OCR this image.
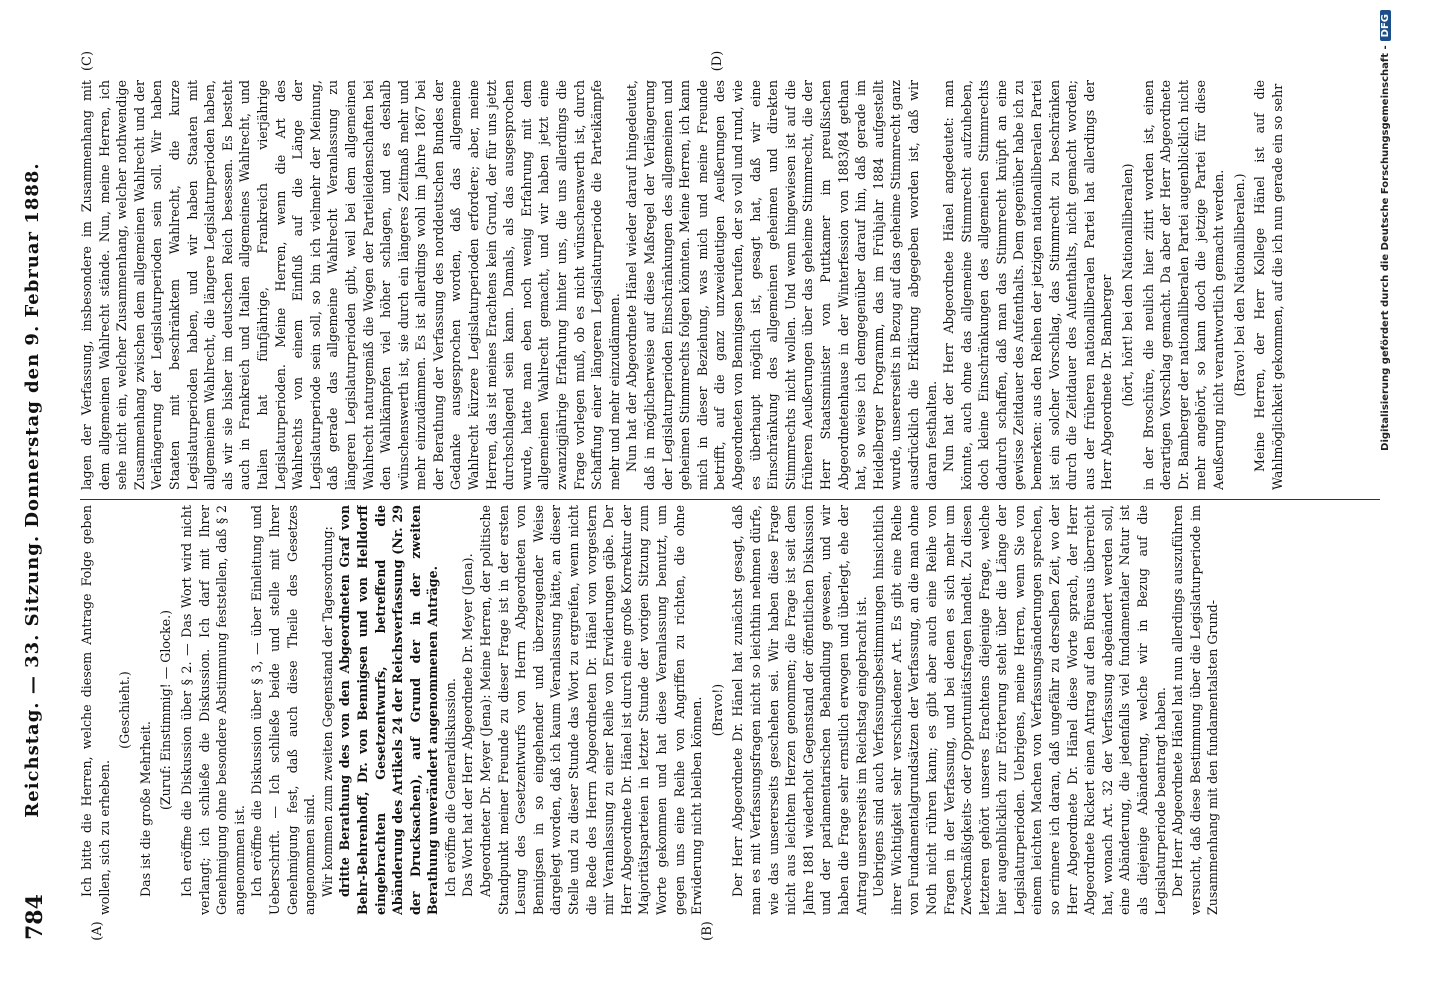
784
Reichstag. — 33. Sitzung. Donnerstag den 9. Februar 1888.
(A)	(B)
(C)	(D)

Ich bitte die Herren, welche diesem Antrage Folge geben wollen, sich zu erheben.

(Geschieht.)

Das ist die große Mehrheit. (Zuruf: Einstimmig! — Glocke.) Ich eröffne die Diskussion über § 2. — Das Wort wird nicht verlangt; ich schließe die Diskussion. Ich darf mit Ihrer Genehmigung ohne besondere Abstimmung feststellen, daß § 2 angenommen ist. Ich eröffne die Diskussion über § 3, — über Einleitung und Ueberschrift. — Ich schließe beide und stelle mit Ihrer Genehmigung fest, daß auch diese Theile des Gesetzes angenommen sind. Wir kommen zum zweiten Gegenstand der Tagesordnung: dritte Berathung des von den Abgeordneten Graf von Behr-Behrenhoff, Dr. von Bennigsen und von Helldorff eingebrachten Gesetzentwurfs, betreffend die Abänderung des Artikels 24 der Reichsverfassung (Nr. 29 der Drucksachen), auf Grund der in der zweiten Berathung unverändert angenommenen Anträge. Ich eröffne die Generaldiskussion. Das Wort hat der Herr Abgeordnete Dr. Meyer (Jena). Abgeordneter Dr. Meyer (Jena): Meine Herren, der politische Standpunkt meiner Freunde zu dieser Frage ist in der ersten Lesung des Gesetzentwurfs von Herrn Abgeordneten von Bennigsen in so eingehender und überzeugender Weise dargelegt worden, daß ich kaum Veranlassung hätte, an dieser Stelle und zu dieser Stunde das Wort zu ergreifen, wenn nicht die Rede des Herrn Abgeordneten Dr. Hänel von vorgestern mir Veranlassung zu einer Reihe von Erwiderungen gäbe. Der Herr Abgeordnete Dr. Hänel ist durch eine große Korrektur der Majoritätsparteien in letzter Stunde der vorigen Sitzung zum Worte gekommen und hat diese Veranlassung benutzt, um gegen uns eine Reihe von Angriffen zu richten, die ohne Erwiderung nicht bleiben können. (Bravo!) Der Herr Abgeordnete Dr. Hänel hat zunächst gesagt, daß man es mit Verfassungsfragen nicht so leichthin nehmen dürfe, wie das unsererseits geschehen sei. Wir haben diese Frage nicht aus leichtem Herzen genommen; die Frage ist seit dem Jahre 1881 wiederholt Gegenstand der öffentlichen Diskussion und der parlamentarischen Behandlung gewesen, und wir haben die Frage sehr ernstlich erwogen und überlegt, ehe der Antrag unsererseits im Reichstag eingebracht ist. Uebrigens sind auch Verfassungsbestimmungen hinsichtlich ihrer Wichtigkeit sehr verschiedener Art. Es gibt eine Reihe von Fundamentalgrundsätzen der Verfassung, an die man ohne Noth nicht rühren kann; es gibt aber auch eine Reihe von Fragen in der Verfassung, und bei denen es sich mehr um Zweckmäßigkeits- oder Opportunitätsfragen handelt. Zu diesen letzteren gehört unseres Erachtens diejenige Frage, welche hier augenblicklich zur Erörterung steht über die Länge der Legislaturperioden. Uebrigens, meine Herren, wenn Sie von einem leichten Machen von Verfassungsänderungen sprechen, so erinnere ich daran, daß ungefähr zu derselben Zeit, wo der Herr Abgeordnete Dr. Hänel diese Worte sprach, der Herr Abgeordnete Rickert einen Antrag auf den Büreaus überreicht hat, wonach Art. 32 der Verfassung abgeändert werden soll, eine Abänderung, die jedenfalls viel fundamentaler Natur ist als diejenige Abänderung, welche wir in Bezug auf die Legislaturperiode beantragt haben. Der Herr Abgeordnete Hänel hat nun allerdings auszuführen versucht, daß diese Bestimmung über die Legislaturperiode im Zusammenhang mit den fundamentalsten Grund-

lagen der Verfassung, insbesondere im Zusammenhang mit dem allgemeinen Wahlrecht stände. Nun, meine Herren, ich sehe nicht ein, welcher Zusammenhang, welcher nothwendige Zusammenhang zwischen dem allgemeinen Wahlrecht und der Verlängerung der Legislaturperioden sein soll. Wir haben Staaten mit beschränktem Wahlrecht, die kurze Legislaturperioden haben, und wir haben Staaten mit allgemeinem Wahlrecht, die längere Legislaturperioden haben, als wir sie bisher im deutschen Reich besessen. Es besteht auch in Frankreich und Italien allgemeines Wahlrecht, und Italien hat fünfjährige, Frankreich vierjährige Legislaturperioden. Meine Herren, wenn die Art des Wahlrechts von einem Einfluß auf die Länge der Legislaturperiode sein soll, so bin ich vielmehr der Meinung, daß gerade das allgemeine Wahlrecht Veranlassung zu längeren Legislaturperioden gibt, weil bei dem allgemeinen Wahlrecht naturgemäß die Wogen der Parteileidenschaften bei den Wahlkämpfen viel höher schlagen, und es deshalb wünschenswerth ist, sie durch ein längeres Zeitmaß mehr und mehr einzudämmen. Es ist allerdings wohl im Jahre 1867 bei der Berathung der Verfassung des norddeutschen Bundes der Gedanke ausgesprochen worden, daß das allgemeine Wahlrecht kürzere Legislaturperioden erfordere; aber, meine Herren, das ist meines Erachtens kein Grund, der für uns jetzt durchschlagend sein kann. Damals, als das ausgesprochen wurde, hatte man eben noch wenig Erfahrung mit dem allgemeinen Wahlrecht gemacht, und wir haben jetzt eine zwanzigjährige Erfahrung hinter uns, die uns allerdings die Frage vorlegen muß, ob es nicht wünschenswerth ist, durch Schaffung einer längeren Legislaturperiode die Parteikämpfe mehr und mehr einzudämmen. Nun hat der Abgeordnete Hänel wieder darauf hingedeutet, daß in möglicherweise auf diese Maßregel der Verlängerung der Legislaturperioden Einschränkungen des allgemeinen und geheimen Stimmrechts folgen könnten. Meine Herren, ich kann mich in dieser Beziehung, was mich und meine Freunde betrifft, auf die ganz unzweideutigen Aeußerungen des Abgeordneten von Bennigsen berufen, der so voll und rund, wie es überhaupt möglich ist, gesagt hat, daß wir eine Einschränkung des allgemeinen geheimen und direkten Stimmrechts nicht wollen. Und wenn hingewiesen ist auf die früheren Aeußerungen über das geheime Stimmrecht, die der Herr Staatsminister von Puttkamer im preußischen Abgeordnetenhause in der Winterfession von 1883/84 gethan hat, so weise ich demgegenüber darauf hin, daß gerade im Heidelberger Programm, das im Frühjahr 1884 aufgestellt wurde, unsererseits in Bezug auf das geheime Stimmrecht ganz ausdrücklich die Erklärung abgegeben worden ist, daß wir daran festhalten. Nun hat der Herr Abgeordnete Hänel angedeutet: man könnte, auch ohne das allgemeine Stimmrecht aufzuheben, doch kleine Einschränkungen des allgemeinen Stimmrechts dadurch schaffen, daß man das Stimmrecht knüpft an eine gewisse Zeitdauer des Aufenthalts. Dem gegenüber habe ich zu bemerken: aus den Reihen der jetzigen nationalliberalen Partei ist ein solcher Vorschlag, das Stimmrecht zu beschränken durch die Zeitdauer des Aufenthalts, nicht gemacht worden; aus der früheren nationalliberalen Partei hat allerdings der Herr Abgeordnete Dr. Bamberger (hört, hört! bei den Nationalliberalen) in der Broschüre, die neulich hier zitirt worden ist, einen derartigen Vorschlag gemacht. Da aber der Herr Abgeordnete Dr. Bamberger der nationalliberalen Partei augenblicklich nicht mehr angehört, so kann doch die jetzige Partei für diese Aeußerung nicht verantwortlich gemacht werden. (Bravo! bei den Nationalliberalen.) Meine Herren, der Herr Kollege Hänel ist auf die Wahlmöglichkeit gekommen, auf die ich nun gerade ein so sehr	Digitalisierung gefördert durch die Deutsche Forschungsgemeinschaft -DFG
